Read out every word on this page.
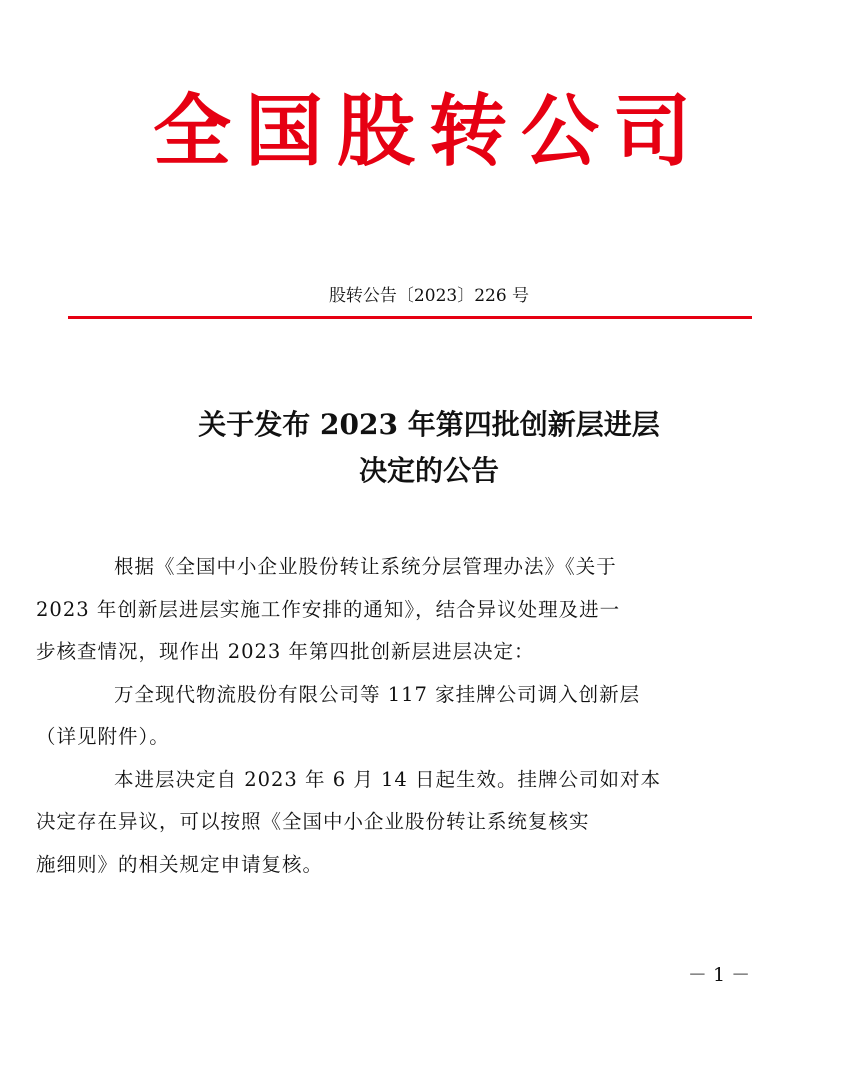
全国股转公司
股转公告〔2023〕226 号
关于发布 2023 年第四批创新层进层
决定的公告

根据《全国中小企业股份转让系统分层管理办法》《关于
2023 年创新层进层实施工作安排的通知》，结合异议处理及进一
步核查情况，现作出 2023 年第四批创新层进层决定：

万全现代物流股份有限公司等 117 家挂牌公司调入创新层
（详见附件）。

本进层决定自 2023 年 6 月 14 日起生效。挂牌公司如对本
决定存在异议，可以按照《全国中小企业股份转让系统复核实
施细则》的相关规定申请复核。

－ 1 －
